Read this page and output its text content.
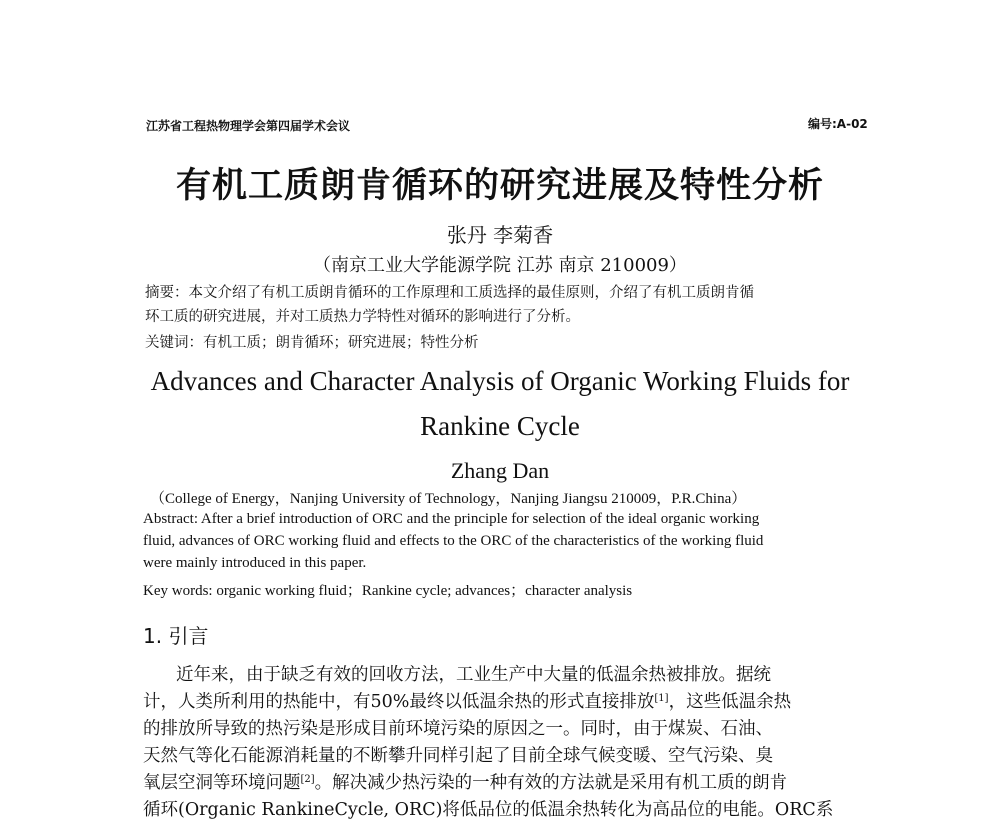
江苏省工程热物理学会第四届学术会议	编号:A-02
有机工质朗肯循环的研究进展及特性分析
张丹 李菊香
（南京工业大学能源学院 江苏 南京 210009）
摘要：本文介绍了有机工质朗肯循环的工作原理和工质选择的最佳原则，介绍了有机工质朗肯循
环工质的研究进展，并对工质热力学特性对循环的影响进行了分析。
关键词：有机工质；朗肯循环；研究进展；特性分析
Advances and Character Analysis of Organic Working Fluids for
Rankine Cycle
Zhang Dan
（College of Energy，Nanjing University of Technology，Nanjing Jiangsu 210009，P.R.China）
Abstract: After a brief introduction of ORC and the principle for selection of the ideal organic working
fluid, advances of ORC working fluid and effects to the ORC of the characteristics of the working fluid
were mainly introduced in this paper.
Key words: organic working fluid；Rankine cycle; advances；character analysis
1. 引言
近年来，由于缺乏有效的回收方法，工业生产中大量的低温余热被排放。据统
计，人类所利用的热能中，有50%最终以低温余热的形式直接排放[1]，这些低温余热
的排放所导致的热污染是形成目前环境污染的原因之一。同时，由于煤炭、石油、
天然气等化石能源消耗量的不断攀升同样引起了目前全球气候变暖、空气污染、臭
氧层空洞等环境问题[2]。解决减少热污染的一种有效的方法就是采用有机工质的朗肯
循环(Organic RankineCycle, ORC)将低品位的低温余热转化为高品位的电能。ORC系
